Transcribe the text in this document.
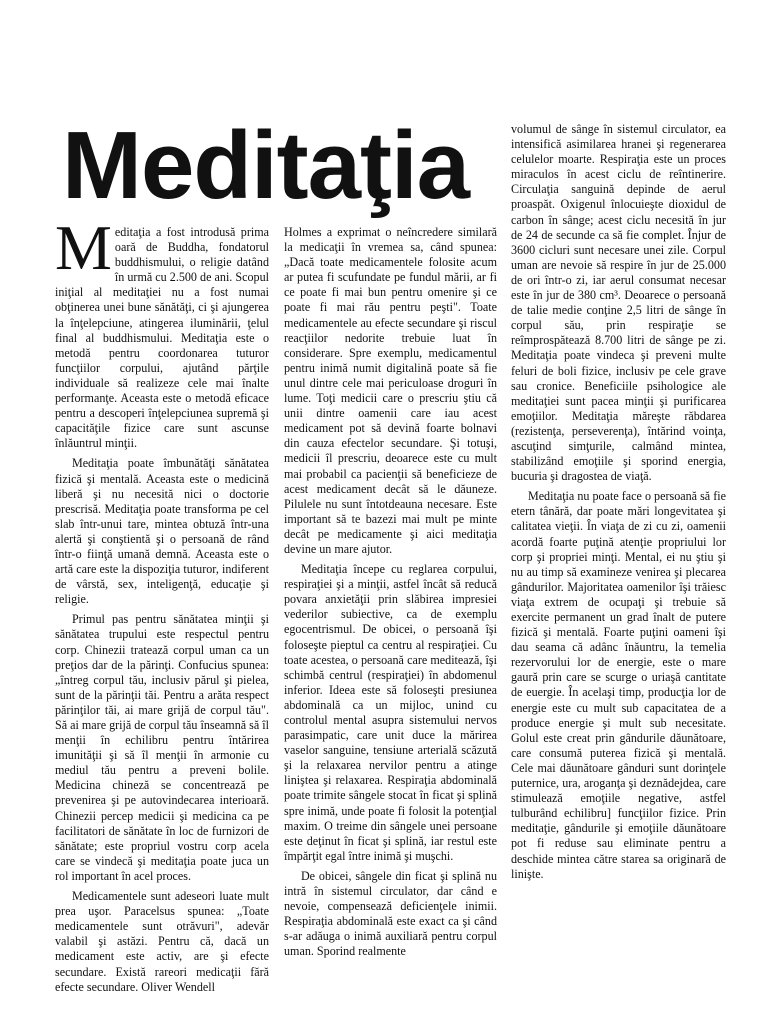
Meditaţia

Meditaţia a fost introdusă prima oară de Buddha, fondatorul buddhismului, o religie datând în urmă cu 2.500 de ani. Scopul iniţial al meditaţiei nu a fost numai obţinerea unei bune sănătăţi, ci şi ajungerea la înţelepciune, atingerea iluminării, ţelul final al buddhismului. Meditaţia este o metodă pentru coordonarea tuturor funcţiilor corpului, ajutând părţile individuale să realizeze cele mai înalte performanţe. Aceasta este o metodă eficace pentru a descoperi înţelepciunea supremă şi capacităţile fizice care sunt ascunse înlăuntrul minţii.

Meditaţia poate îmbunătăţi sănătatea fizică şi mentală. Aceasta este o medicină liberă şi nu necesită nici o doctorie prescrisă. Meditaţia poate transforma pe cel slab într-unui tare, mintea obtuză într-una alertă şi conştientă şi o persoană de rând într-o fiinţă umană demnă. Aceasta este o artă care este la dispoziţia tuturor, indiferent de vârstă, sex, inteligenţă, educaţie şi religie.

Primul pas pentru sănătatea minţii şi sănătatea trupului este respectul pentru corp. Chinezii tratează corpul uman ca un preţios dar de la părinţi. Confucius spunea: „întreg corpul tău, inclusiv părul şi pielea, sunt de la părinţii tăi. Pentru a arăta respect părinţilor tăi, ai mare grijă de corpul tău". Să ai mare grijă de corpul tău înseamnă să îl menţii în echilibru pentru întărirea imunităţii şi să îl menţii în armonie cu mediul tău pentru a preveni bolile. Medicina chineză se concentrează pe prevenirea şi pe autovindecarea interioară. Chinezii percep medicii şi medicina ca pe facilitatori de sănătate în loc de furnizori de sănătate; este propriul vostru corp acela care se vindecă şi meditaţia poate juca un rol important în acel proces.

Medicamentele sunt adeseori luate mult prea uşor. Paracelsus spunea: „Toate medicamentele sunt otrăvuri", adevăr valabil şi astăzi. Pentru că, dacă un medicament este activ, are şi efecte secundare. Există rareori medicaţii fără efecte secundare. Oliver Wendell

Holmes a exprimat o neîncredere similară la medicaţii în vremea sa, când spunea: „Dacă toate medicamentele folosite acum ar putea fi scufundate pe fundul mării, ar fi ce poate fi mai bun pentru omenire şi ce poate fi mai rău pentru peşti". Toate medicamentele au efecte secundare şi riscul reacţiilor nedorite trebuie luat în considerare. Spre exemplu, medicamentul pentru inimă numit digitalină poate să fie unul dintre cele mai periculoase droguri în lume. Toţi medicii care o prescriu ştiu că unii dintre oamenii care iau acest medicament pot să devină foarte bolnavi din cauza efectelor secundare. Şi totuşi, medicii îl prescriu, deoarece este cu mult mai probabil ca pacienţii să beneficieze de acest medicament decât să le dăuneze. Pilulele nu sunt întotdeauna necesare. Este important să te bazezi mai mult pe minte decât pe medicamente şi aici meditaţia devine un mare ajutor.

Meditaţia începe cu reglarea corpului, respiraţiei şi a minţii, astfel încât să reducă povara anxietăţii prin slăbirea impresiei vederilor subiective, ca de exemplu egocentrismul. De obicei, o persoană îşi foloseşte pieptul ca centru al respiraţiei. Cu toate acestea, o persoană care meditează, îşi schimbă centrul (respiraţiei) în abdomenul inferior. Ideea este să foloseşti presiunea abdominală ca un mijloc, unind cu controlul mental asupra sistemului nervos parasimpatic, care unit duce la mărirea vaselor sanguine, tensiune arterială scăzută şi la relaxarea nervilor pentru a atinge liniştea şi relaxarea. Respiraţia abdominală poate trimite sângele stocat în ficat şi splină spre inimă, unde poate fi folosit la potenţial maxim. O treime din sângele unei persoane este deţinut în ficat şi splină, iar restul este împărţit egal între inimă şi muşchi.

De obicei, sângele din ficat şi splină nu intră în sistemul circulator, dar când e nevoie, compensează deficienţele inimii. Respiraţia abdominală este exact ca şi când s-ar adăuga o inimă auxiliară pentru corpul uman. Sporind realmente

volumul de sânge în sistemul circulator, ea intensifică asimilarea hranei şi regenerarea celulelor moarte. Respiraţia este un proces miraculos în acest ciclu de reîntinerire. Circulaţia sanguină depinde de aerul proaspăt. Oxigenul înlocuieşte dioxidul de carbon în sânge; acest ciclu necesită în jur de 24 de secunde ca să fie complet. Înjur de 3600 cicluri sunt necesare unei zile. Corpul uman are nevoie să respire în jur de 25.000 de ori într-o zi, iar aerul consumat necesar este în jur de 380 cm³. Deoarece o persoană de talie medie conţine 2,5 litri de sânge în corpul său, prin respiraţie se reîmprospătează 8.700 litri de sânge pe zi. Meditaţia poate vindeca şi preveni multe feluri de boli fizice, inclusiv pe cele grave sau cronice. Beneficiile psihologice ale meditaţiei sunt pacea minţii şi purificarea emoţiilor. Meditaţia măreşte răbdarea (rezistenţa, perseverenţa), întărind voinţa, ascuţind simţurile, calmând mintea, stabilizând emoţiile şi sporind energia, bucuria şi dragostea de viaţă.

Meditaţia nu poate face o persoană să fie etern tânără, dar poate mări longevitatea şi calitatea vieţii. În viaţa de zi cu zi, oamenii acordă foarte puţină atenţie propriului lor corp şi propriei minţi. Mental, ei nu ştiu şi nu au timp să examineze venirea şi plecarea gândurilor. Majoritatea oamenilor îşi trăiesc viaţa extrem de ocupaţi şi trebuie să exercite permanent un grad înalt de putere fizică şi mentală. Foarte puţini oameni îşi dau seama că adânc înăuntru, la temelia rezervorului lor de energie, este o mare gaură prin care se scurge o uriaşă cantitate de euergie. În acelaşi timp, producţia lor de energie este cu mult sub capacitatea de a produce energie şi mult sub necesitate. Golul este creat prin gândurile dăunătoare, care consumă puterea fizică şi mentală. Cele mai dăunătoare gânduri sunt dorinţele puternice, ura, aroganţa şi deznădejdea, care stimulează emoţiile negative, astfel tulburând echilibru] funcţiilor fizice. Prin meditaţie, gândurile şi emoţiile dăunătoare pot fi reduse sau eliminate pentru a deschide mintea către starea sa originară de linişte.
